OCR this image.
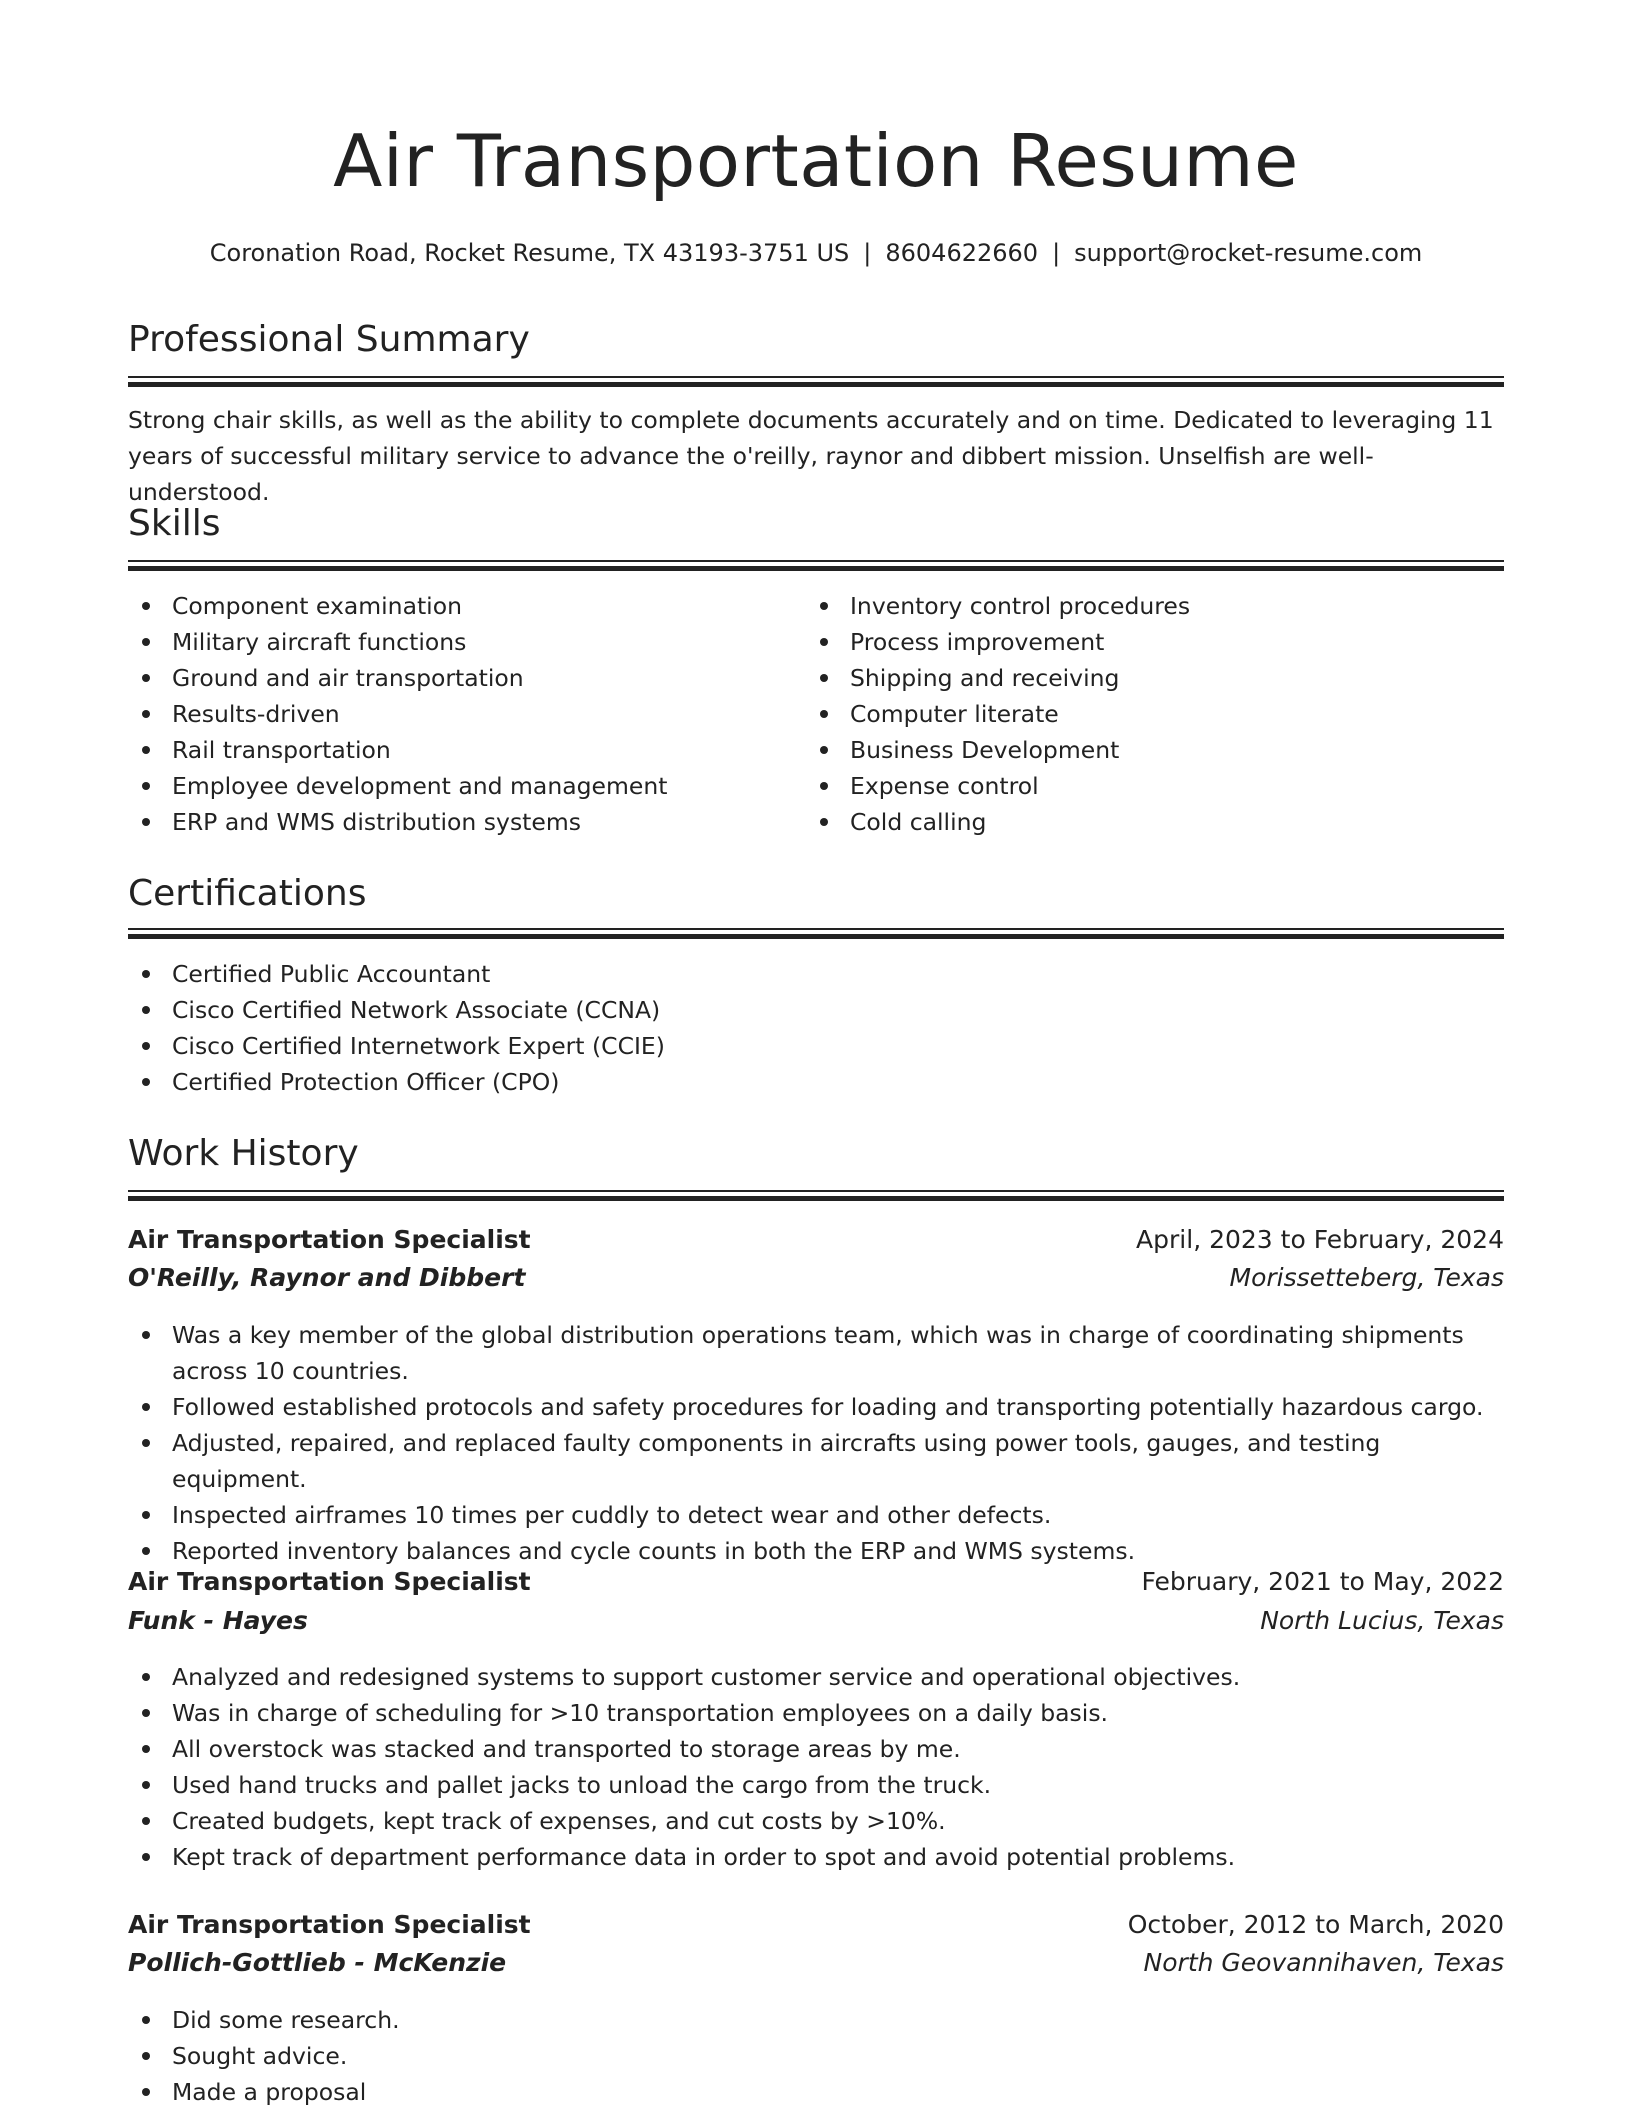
Air Transportation Resume
Coronation Road, Rocket Resume, TX 43193-3751 US | 8604622660 | support@rocket-resume.com
Professional Summary
Strong chair skills, as well as the ability to complete documents accurately and on time. Dedicated to leveraging 11
years of successful military service to advance the o'reilly, raynor and dibbert mission. Unselfish are well-understood.
Skills
Component examination
Military aircraft functions
Ground and air transportation
Results-driven
Rail transportation
Employee development and management
ERP and WMS distribution systems
Inventory control procedures
Process improvement
Shipping and receiving
Computer literate
Business Development
Expense control
Cold calling
Certifications
Certified Public Accountant
Cisco Certified Network Associate (CCNA)
Cisco Certified Internetwork Expert (CCIE)
Certified Protection Officer (CPO)
Work History
Air Transportation Specialist	April, 2023 to February, 2024
O'Reilly, Raynor and Dibbert	Morissetteberg, Texas
Was a key member of the global distribution operations team, which was in charge of coordinating shipments
across 10 countries.
Followed established protocols and safety procedures for loading and transporting potentially hazardous cargo.
Adjusted, repaired, and replaced faulty components in aircrafts using power tools, gauges, and testing equipment.
Inspected airframes 10 times per cuddly to detect wear and other defects.
Reported inventory balances and cycle counts in both the ERP and WMS systems.
Air Transportation Specialist	February, 2021 to May, 2022
Funk - Hayes	North Lucius, Texas
Analyzed and redesigned systems to support customer service and operational objectives.
Was in charge of scheduling for >10 transportation employees on a daily basis.
All overstock was stacked and transported to storage areas by me.
Used hand trucks and pallet jacks to unload the cargo from the truck.
Created budgets, kept track of expenses, and cut costs by >10%.
Kept track of department performance data in order to spot and avoid potential problems.
Air Transportation Specialist	October, 2012 to March, 2020
Pollich-Gottlieb - McKenzie	North Geovannihaven, Texas
Did some research.
Sought advice.
Made a proposal
